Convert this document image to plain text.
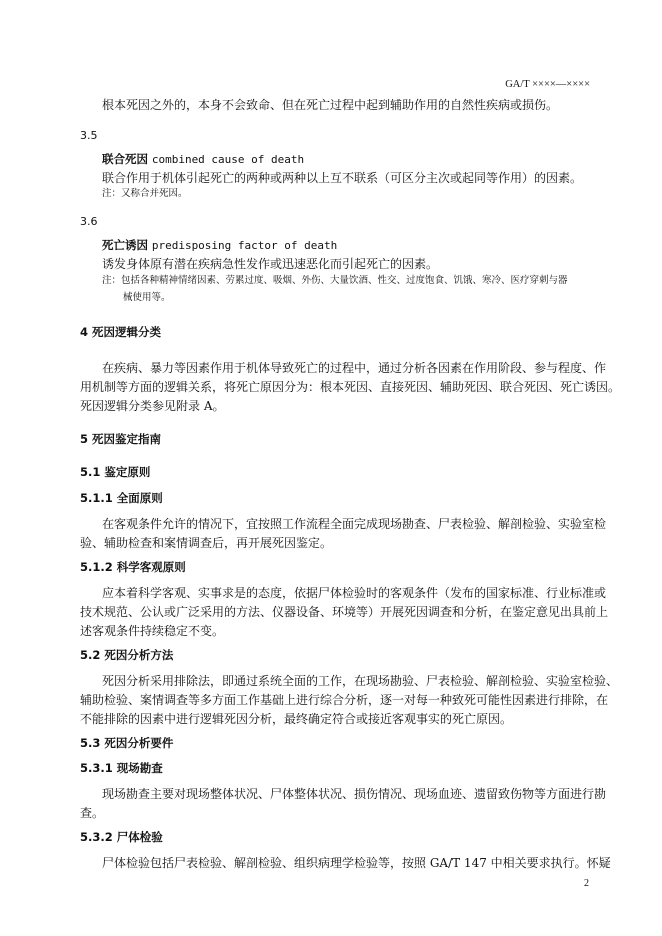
GA/T ××××—××××
根本死因之外的，本身不会致命、但在死亡过程中起到辅助作用的自然性疾病或损伤。
3.5
联合死因 combined cause of death
联合作用于机体引起死亡的两种或两种以上互不联系（可区分主次或起同等作用）的因素。
注：又称合并死因。
3.6
死亡诱因 predisposing factor of death
诱发身体原有潜在疾病急性发作或迅速恶化而引起死亡的因素。
注：包括各种精神情绪因素、劳累过度、吸烟、外伤、大量饮酒、性交、过度饱食、饥饿、寒冷、医疗穿刺与器
械使用等。
4 死因逻辑分类
在疾病、暴力等因素作用于机体导致死亡的过程中，通过分析各因素在作用阶段、参与程度、作
用机制等方面的逻辑关系，将死亡原因分为：根本死因、直接死因、辅助死因、联合死因、死亡诱因。
死因逻辑分类参见附录 A。
5 死因鉴定指南
5.1 鉴定原则
5.1.1 全面原则
在客观条件允许的情况下，宜按照工作流程全面完成现场勘查、尸表检验、解剖检验、实验室检
验、辅助检查和案情调查后，再开展死因鉴定。
5.1.2 科学客观原则
应本着科学客观、实事求是的态度，依据尸体检验时的客观条件（发布的国家标准、行业标准或
技术规范、公认或广泛采用的方法、仪器设备、环境等）开展死因调查和分析，在鉴定意见出具前上
述客观条件持续稳定不变。
5.2 死因分析方法
死因分析采用排除法，即通过系统全面的工作，在现场勘验、尸表检验、解剖检验、实验室检验、
辅助检验、案情调查等多方面工作基础上进行综合分析，逐一对每一种致死可能性因素进行排除，在
不能排除的因素中进行逻辑死因分析，最终确定符合或接近客观事实的死亡原因。
5.3 死因分析要件
5.3.1 现场勘查
现场勘查主要对现场整体状况、尸体整体状况、损伤情况、现场血迹、遗留致伤物等方面进行勘
查。
5.3.2 尸体检验
尸体检验包括尸表检验、解剖检验、组织病理学检验等，按照 GA/T 147 中相关要求执行。怀疑
2
